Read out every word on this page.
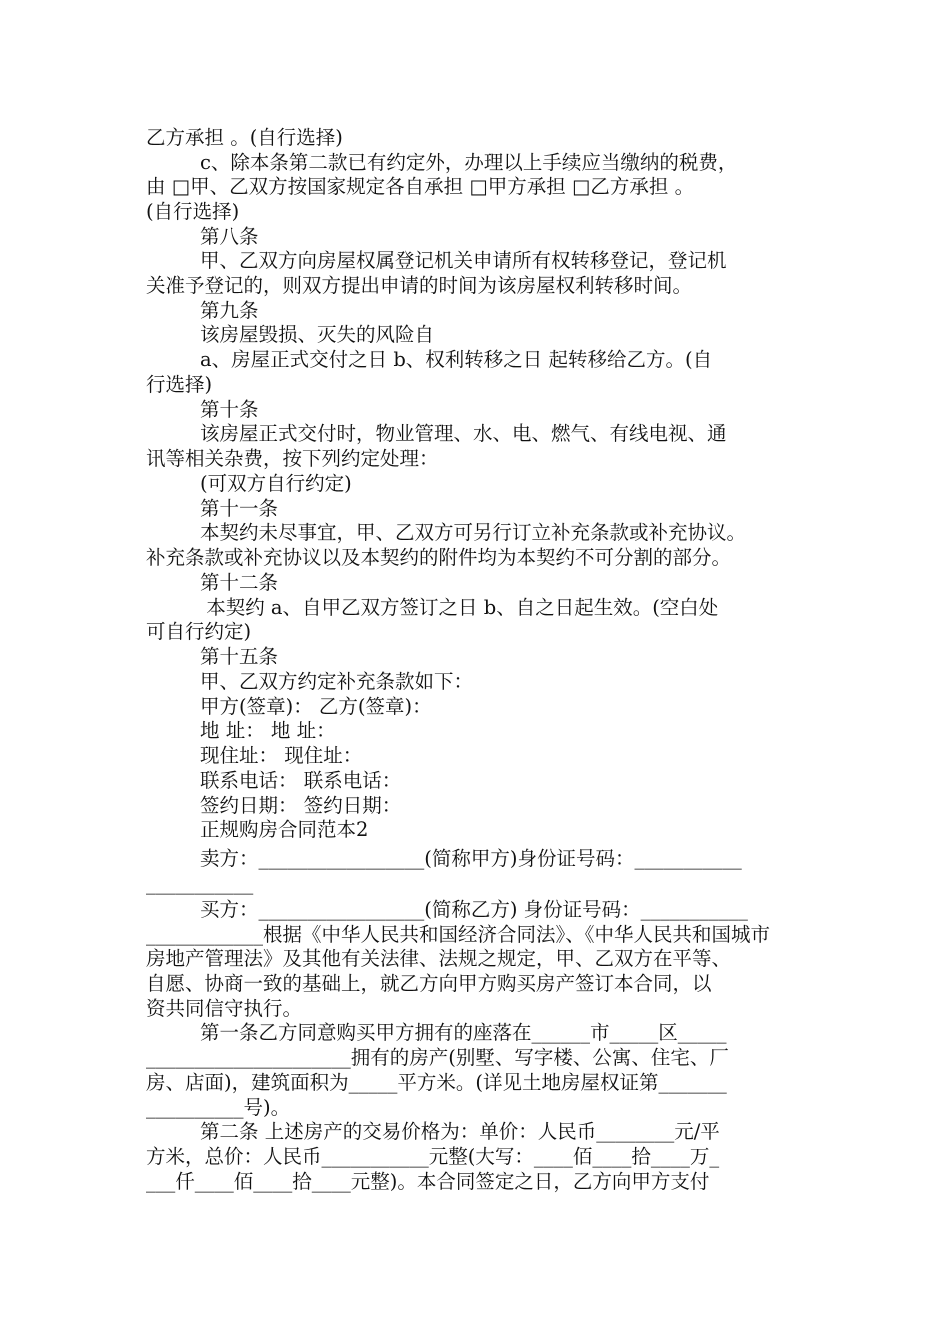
乙方承担 。(自行选择)
c、除本条第二款已有约定外，办理以上手续应当缴纳的税费，
由 □甲、乙双方按国家规定各自承担 □甲方承担 □乙方承担 。
(自行选择)
第八条
甲、乙双方向房屋权属登记机关申请所有权转移登记，登记机
关准予登记的，则双方提出申请的时间为该房屋权利转移时间。
第九条
该房屋毁损、灭失的风险自
a、房屋正式交付之日 b、权利转移之日 起转移给乙方。(自
行选择)
第十条
该房屋正式交付时，物业管理、水、电、燃气、有线电视、通
讯等相关杂费，按下列约定处理：
(可双方自行约定)
第十一条
本契约未尽事宜，甲、乙双方可另行订立补充条款或补充协议。
补充条款或补充协议以及本契约的附件均为本契约不可分割的部分。
第十二条
本契约 a、自甲乙双方签订之日 b、自之日起生效。(空白处
可自行约定)
第十五条
甲、乙双方约定补充条款如下：
甲方(签章)： 乙方(签章)：
地 址： 地 址：
现住址： 现住址：
联系电话： 联系电话：
签约日期： 签约日期：
正规购房合同范本2
卖方：_________________(简称甲方)身份证号码：___________
___________
买方：_________________(简称乙方) 身份证号码：___________
____________根据《中华人民共和国经济合同法》、《中华人民共和国城市
房地产管理法》及其他有关法律、法规之规定，甲、乙双方在平等、
自愿、协商一致的基础上，就乙方向甲方购买房产签订本合同，以
资共同信守执行。
第一条乙方同意购买甲方拥有的座落在______市_____区_____
_____________________拥有的房产(别墅、写字楼、公寓、住宅、厂
房、店面)，建筑面积为_____平方米。(详见土地房屋权证第_______
__________号)。
第二条 上述房产的交易价格为：单价：人民币________元/平
方米，总价：人民币___________元整(大写：____佰____拾____万_
___仟____佰____拾____元整)。本合同签定之日，乙方向甲方支付
